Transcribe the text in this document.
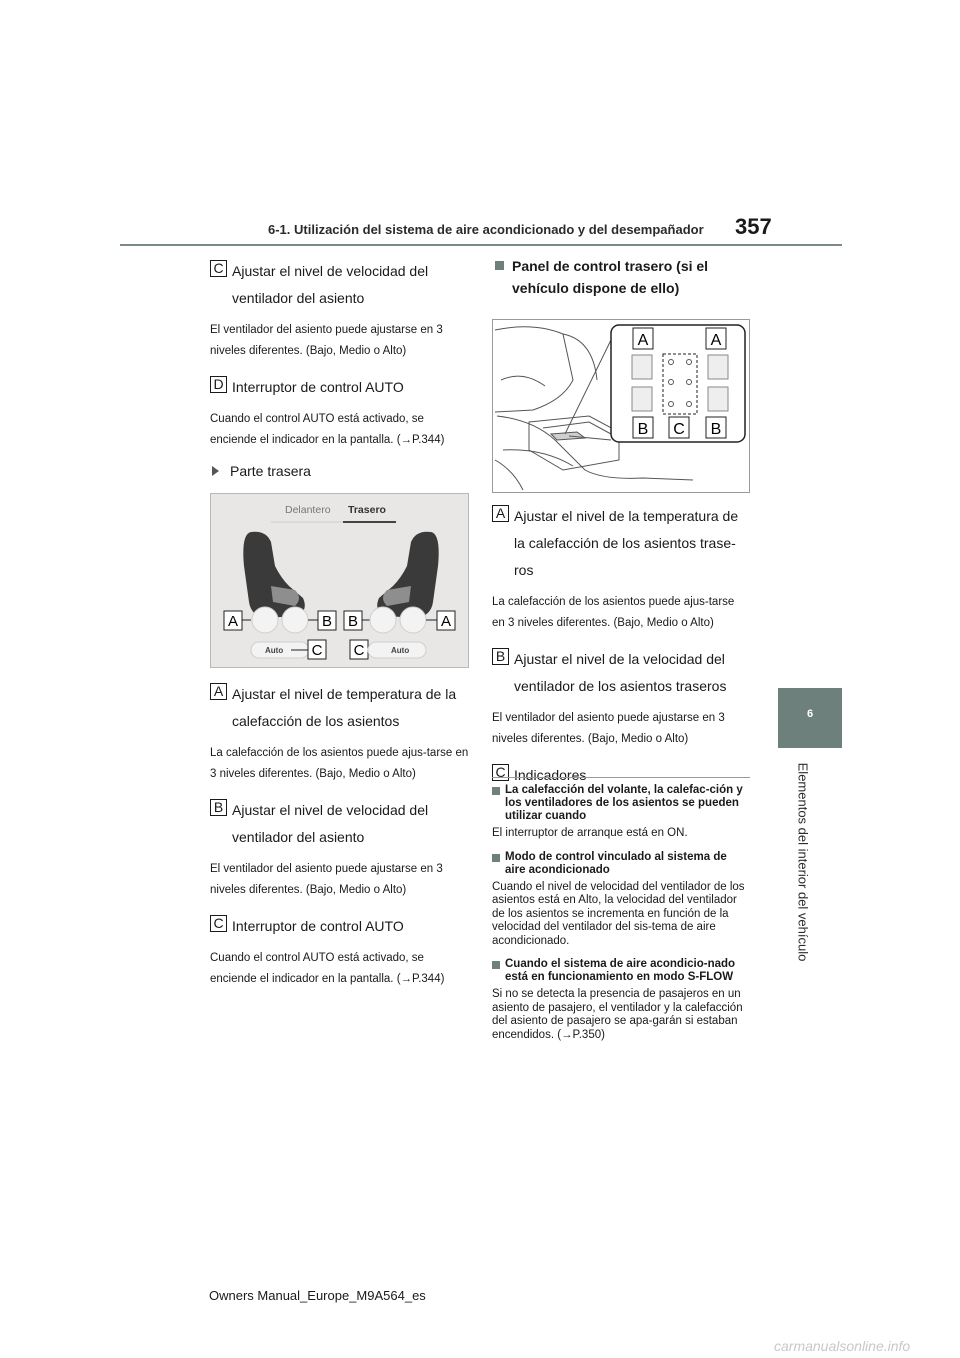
6-1. Utilización del sistema de aire acondicionado y del desempañador 357
6
Elementos del interior del vehículo
C Ajustar el nivel de velocidad del ventilador del asiento
El ventilador del asiento puede ajustarse en 3 niveles diferentes. (Bajo, Medio o Alto)
D Interruptor de control AUTO
Cuando el control AUTO está activado, se enciende el indicador en la pantalla. (→P.344)
Parte trasera
Delantero Trasero
A	B B	A
Auto C C	Auto
A Ajustar el nivel de temperatura de la calefacción de los asientos
La calefacción de los asientos puede ajus-tarse en 3 niveles diferentes. (Bajo, Medio o Alto)
B Ajustar el nivel de velocidad del ventilador del asiento
El ventilador del asiento puede ajustarse en 3 niveles diferentes. (Bajo, Medio o Alto)
C Interruptor de control AUTO
Cuando el control AUTO está activado, se enciende el indicador en la pantalla. (→P.344)
Panel de control trasero (si el vehículo dispone de ello)
A	A
B C B
A Ajustar el nivel de la temperatura de la calefacción de los asientos trase-ros
La calefacción de los asientos puede ajus-tarse en 3 niveles diferentes. (Bajo, Medio o Alto)
B Ajustar el nivel de la velocidad del ventilador de los asientos traseros
El ventilador del asiento puede ajustarse en 3 niveles diferentes. (Bajo, Medio o Alto)
C Indicadores
La calefacción del volante, la calefac-ción y los ventiladores de los asientos se pueden utilizar cuando
El interruptor de arranque está en ON.
Modo de control vinculado al sistema de aire acondicionado
Cuando el nivel de velocidad del ventilador de los asientos está en Alto, la velocidad del ventilador de los asientos se incrementa en función de la velocidad del ventilador del sis-tema de aire acondicionado.
Cuando el sistema de aire acondicio-nado está en funcionamiento en modo S-FLOW
Si no se detecta la presencia de pasajeros en un asiento de pasajero, el ventilador y la calefacción del asiento de pasajero se apa-garán si estaban encendidos. (→P.350)
Owners Manual_Europe_M9A564_es
carmanualsonline.info
